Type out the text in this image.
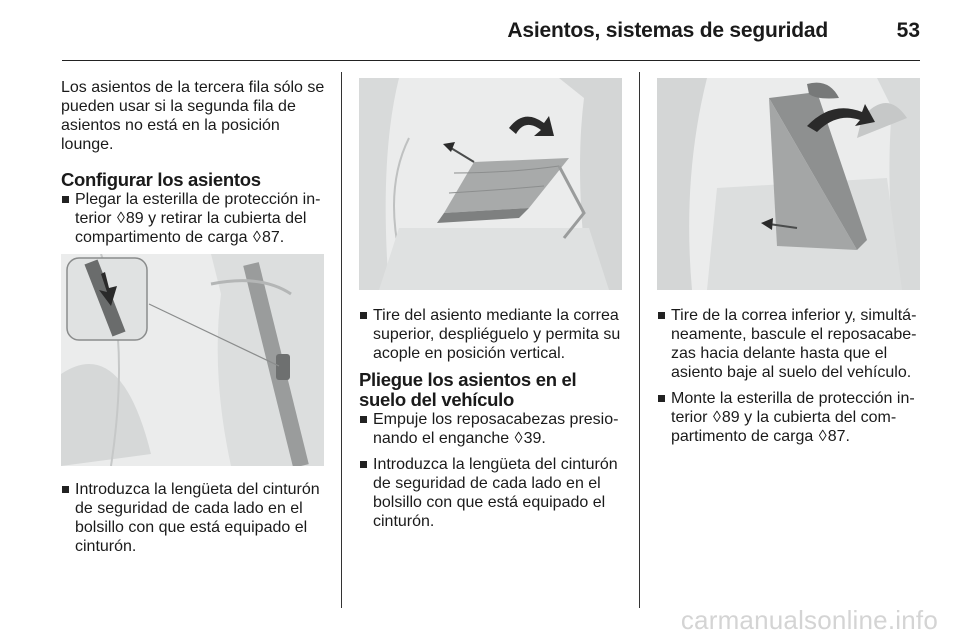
Asientos, sistemas de seguridad	53

Los asientos de la tercera fila sólo se pueden usar si la segunda fila de asientos no está en la posición lounge.

Configurar los asientos
Plegar la esterilla de protección in-terior ◊89 y retirar la cubierta del compartimento de carga ◊87.
Introduzca la lengüeta del cinturón de seguridad de cada lado en el bolsillo con que está equipado el cinturón.
Tire del asiento mediante la correa superior, despliéguelo y permita su acople en posición vertical.
Pliegue los asientos en el suelo del vehículo
Empuje los reposacabezas presio-nando el enganche ◊39.
Introduzca la lengüeta del cinturón de seguridad de cada lado en el bolsillo con que está equipado el cinturón.
Tire de la correa inferior y, simultá-neamente, bascule el reposacabe-zas hacia delante hasta que el asiento baje al suelo del vehículo.
Monte la esterilla de protección in-terior ◊89 y la cubierta del com-partimento de carga ◊87.
carmanualsonline.info
